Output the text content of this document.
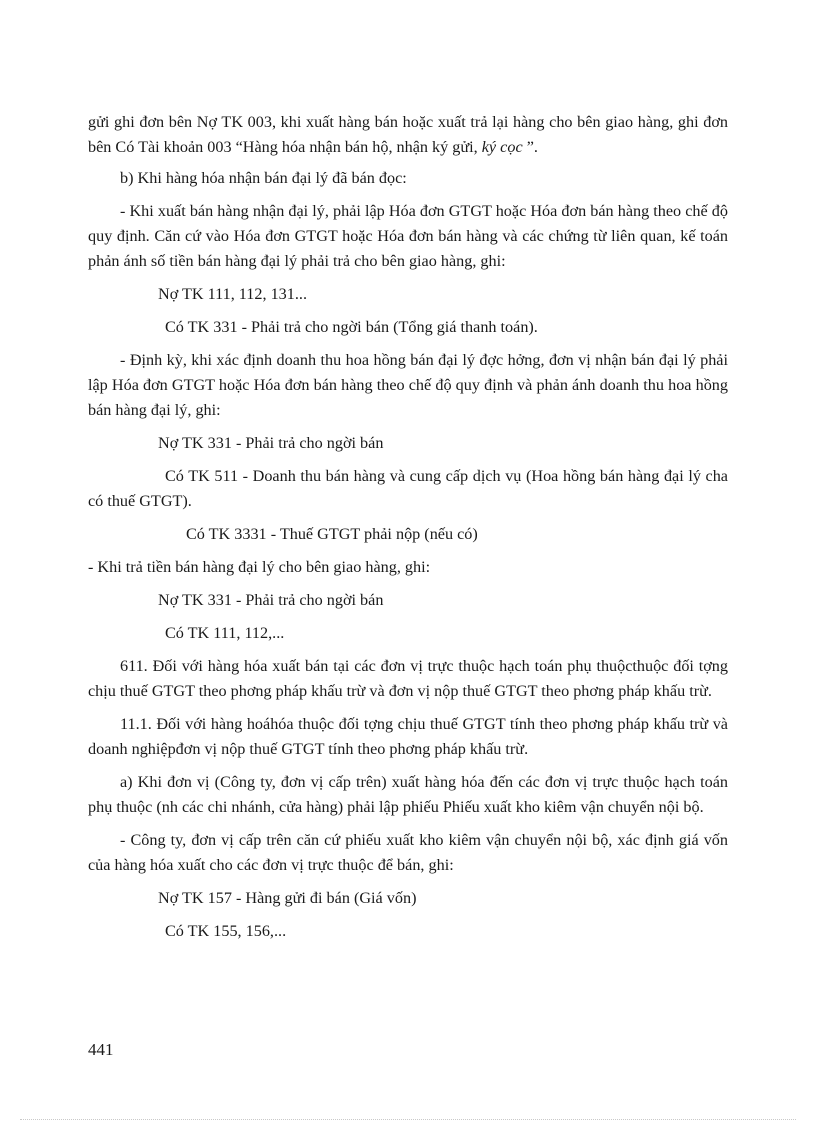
gửi ghi đơn bên Nợ TK 003, khi xuất hàng bán hoặc xuất trả lại hàng cho bên giao hàng, ghi đơn bên Có Tài khoản 003 “Hàng hóa nhận bán hộ, nhận ký gửi, ký cọc ”.

b) Khi hàng hóa nhận bán đại lý đã bán đọc:

- Khi xuất bán hàng nhận đại lý, phải lập Hóa đơn GTGT hoặc Hóa đơn bán hàng theo chế độ quy định. Căn cứ vào Hóa đơn GTGT hoặc Hóa đơn bán hàng và các chứng từ liên quan, kế toán phản ánh số tiền bán hàng đại lý phải trả cho bên giao hàng, ghi:

Nợ TK 111, 112, 131...
Có TK 331 - Phải trả cho ngời bán (Tổng giá thanh toán).

- Định kỳ, khi xác định doanh thu hoa hồng bán đại lý đợc hởng, đơn vị nhận bán đại lý phải lập Hóa đơn GTGT hoặc Hóa đơn bán hàng theo chế độ quy định và phản ánh doanh thu hoa hồng bán hàng đại lý, ghi:

Nợ TK 331 - Phải trả cho ngời bán

Có TK 511 - Doanh thu bán hàng và cung cấp dịch vụ (Hoa hồng bán hàng đại lý cha có thuế GTGT).

Có TK 3331 - Thuế GTGT phải nộp (nếu có)
- Khi trả tiền bán hàng đại lý cho bên giao hàng, ghi:
Nợ TK 331 - Phải trả cho ngời bán
Có TK 111, 112,...

611. Đối với hàng hóa xuất bán tại các đơn vị trực thuộc hạch toán phụ thuộcthuộc đối tợng chịu thuế GTGT theo phơng pháp khấu trừ và đơn vị nộp thuế GTGT theo phơng pháp khấu trừ.

11.1. Đối với hàng hoáhóa thuộc đối tợng chịu thuế GTGT tính theo phơng pháp khấu trừ và doanh nghiệpđơn vị nộp thuế GTGT tính theo phơng pháp khấu trừ.

a) Khi đơn vị (Công ty, đơn vị cấp trên) xuất hàng hóa đến các đơn vị trực thuộc hạch toán phụ thuộc (nh các chi nhánh, cửa hàng) phải lập phiếu Phiếu xuất kho kiêm vận chuyển nội bộ.

- Công ty, đơn vị cấp trên căn cứ phiếu xuất kho kiêm vận chuyển nội bộ, xác định giá vốn của hàng hóa xuất cho các đơn vị trực thuộc để bán, ghi:

Nợ TK 157 - Hàng gửi đi bán (Giá vốn)
Có TK 155, 156,...
441
